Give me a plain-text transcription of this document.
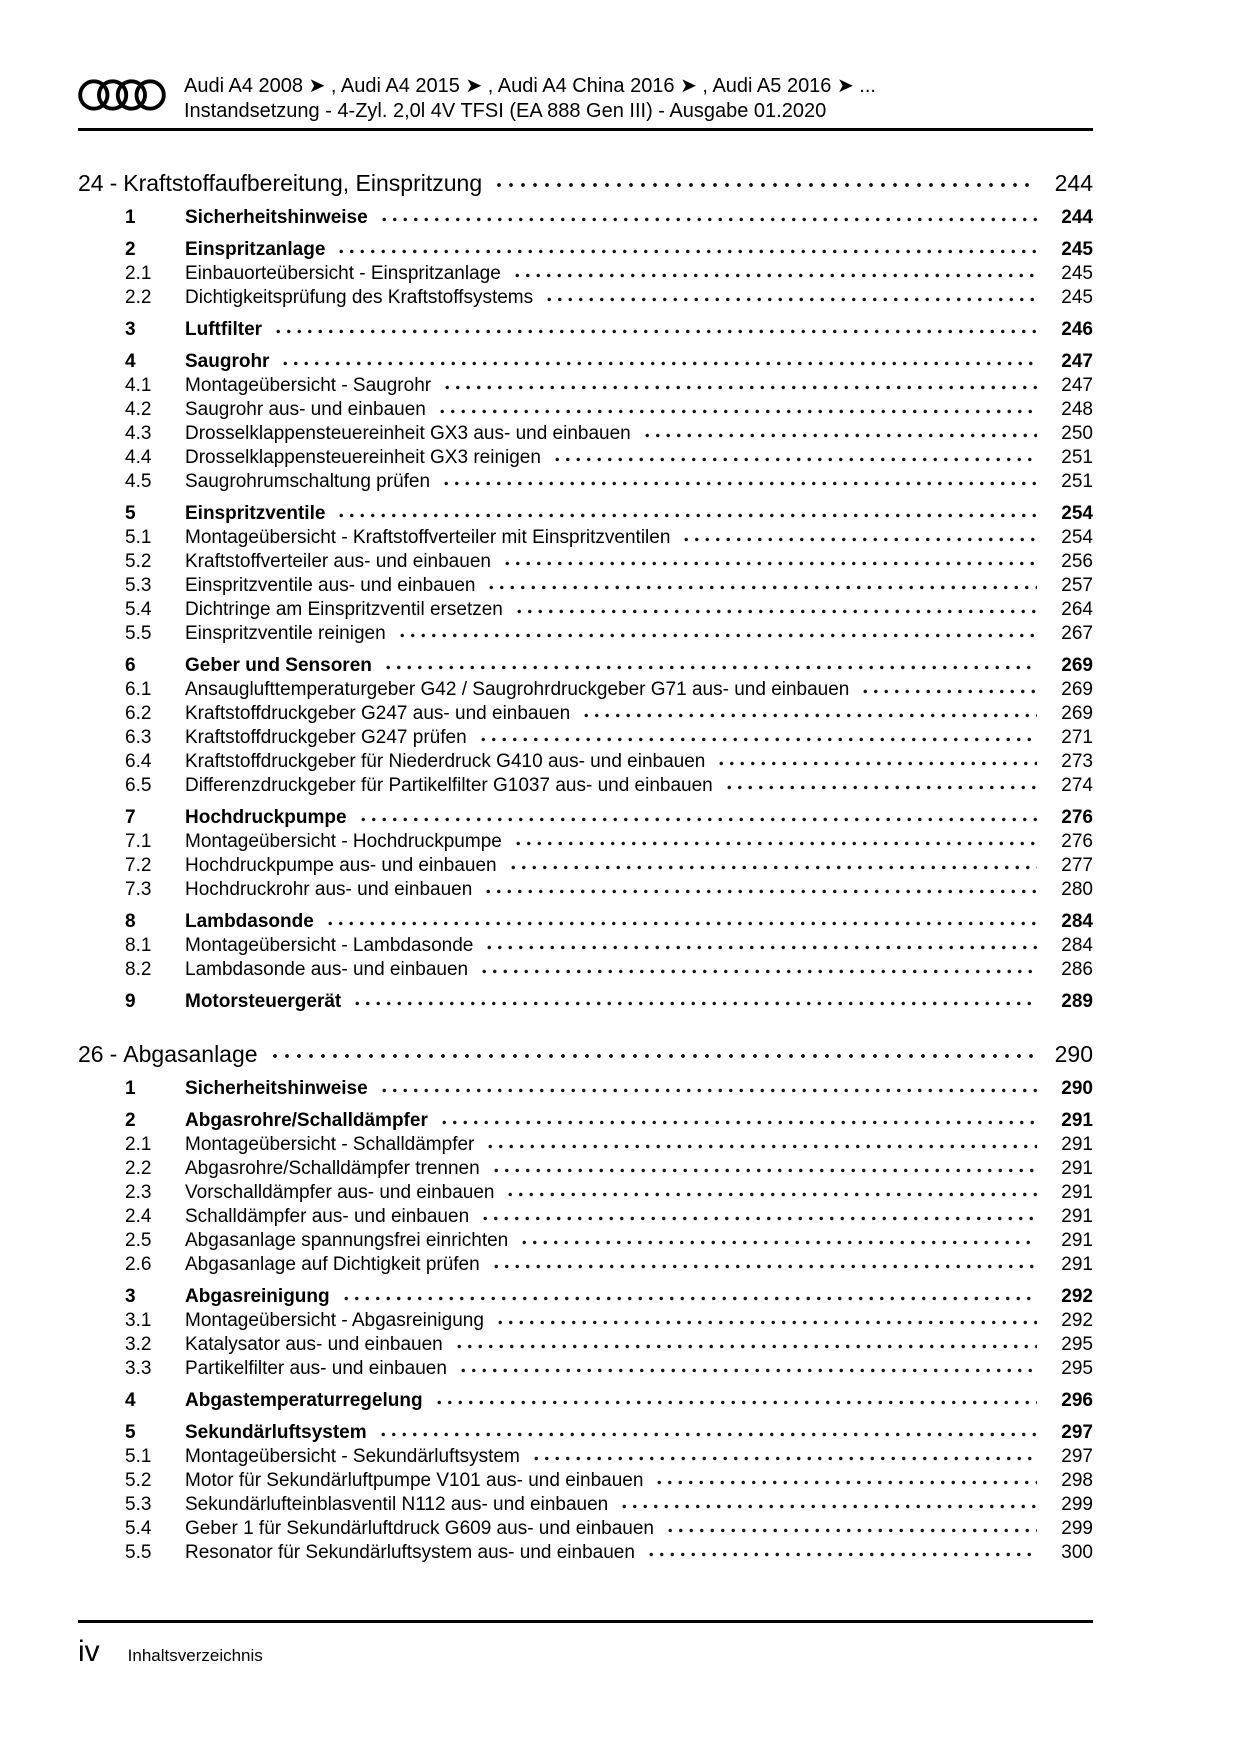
Audi A4 2008 ➤ , Audi A4 2015 ➤ , Audi A4 China 2016 ➤ , Audi A5 2016 ➤ ...
Instandsetzung - 4-Zyl. 2,0l 4V TFSI (EA 888 Gen III) - Ausgabe 01.2020
24 - Kraftstoffaufbereitung, Einspritzung	244
1	Sicherheitshinweise	244
2	Einspritzanlage	245
2.1	Einbauorteübersicht - Einspritzanlage	245
2.2	Dichtigkeitsprüfung des Kraftstoffsystems	245
3	Luftfilter	246
4	Saugrohr	247
4.1	Montageübersicht - Saugrohr	247
4.2	Saugrohr aus- und einbauen	248
4.3	Drosselklappensteuereinheit GX3 aus- und einbauen	250
4.4	Drosselklappensteuereinheit GX3 reinigen	251
4.5	Saugrohrumschaltung prüfen	251
5	Einspritzventile	254
5.1	Montageübersicht - Kraftstoffverteiler mit Einspritzventilen	254
5.2	Kraftstoffverteiler aus- und einbauen	256
5.3	Einspritzventile aus- und einbauen	257
5.4	Dichtringe am Einspritzventil ersetzen	264
5.5	Einspritzventile reinigen	267
6	Geber und Sensoren	269
6.1	Ansauglufttemperaturgeber G42 / Saugrohrdruckgeber G71 aus- und einbauen	269
6.2	Kraftstoffdruckgeber G247 aus- und einbauen	269
6.3	Kraftstoffdruckgeber G247 prüfen	271
6.4	Kraftstoffdruckgeber für Niederdruck G410 aus- und einbauen	273
6.5	Differenzdruckgeber für Partikelfilter G1037 aus- und einbauen	274
7	Hochdruckpumpe	276
7.1	Montageübersicht - Hochdruckpumpe	276
7.2	Hochdruckpumpe aus- und einbauen	277
7.3	Hochdruckrohr aus- und einbauen	280
8	Lambdasonde	284
8.1	Montageübersicht - Lambdasonde	284
8.2	Lambdasonde aus- und einbauen	286
9	Motorsteuergerät	289
26 - Abgasanlage	290
1	Sicherheitshinweise	290
2	Abgasrohre/Schalldämpfer	291
2.1	Montageübersicht - Schalldämpfer	291
2.2	Abgasrohre/Schalldämpfer trennen	291
2.3	Vorschalldämpfer aus- und einbauen	291
2.4	Schalldämpfer aus- und einbauen	291
2.5	Abgasanlage spannungsfrei einrichten	291
2.6	Abgasanlage auf Dichtigkeit prüfen	291
3	Abgasreinigung	292
3.1	Montageübersicht - Abgasreinigung	292
3.2	Katalysator aus- und einbauen	295
3.3	Partikelfilter aus- und einbauen	295
4	Abgastemperaturregelung	296
5	Sekundärluftsystem	297
5.1	Montageübersicht - Sekundärluftsystem	297
5.2	Motor für Sekundärluftpumpe V101 aus- und einbauen	298
5.3	Sekundärlufteinblasventil N112 aus- und einbauen	299
5.4	Geber 1 für Sekundärluftdruck G609 aus- und einbauen	299
5.5	Resonator für Sekundärluftsystem aus- und einbauen	300
iv Inhaltsverzeichnis
